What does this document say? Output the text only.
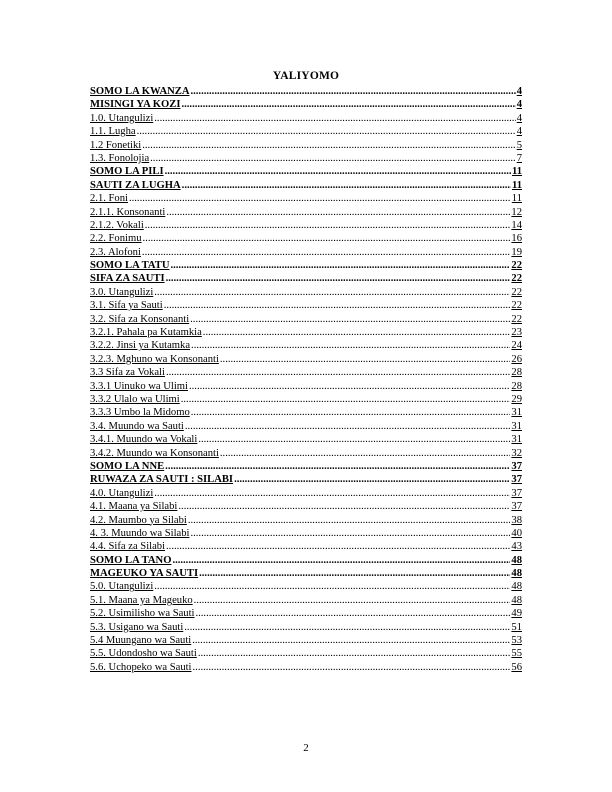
YALIYOMO
SOMO LA KWANZA .....	4
MISINGI YA KOZI .....	4
1.0. Utangulizi .....	4
1.1. Lugha .....	4
1.2 Fonetiki .....	5
1.3. Fonolojia .....	7
SOMO LA PILI .....	11
SAUTI ZA LUGHA .....	11
2.1. Foni .....	11
2.1.1. Konsonanti .....	12
2.1.2. Vokali .....	14
2.2. Fonimu .....	16
2.3. Alofoni .....	19
SOMO LA TATU .....	22
SIFA ZA SAUTI .....	22
3.0. Utangulizi .....	22
3.1. Sifa ya Sauti .....	22
3.2. Sifa za Konsonanti .....	22
3.2.1. Pahala pa Kutamkia .....	23
3.2.2. Jinsi ya Kutamka .....	24
3.2.3. Mghuno wa Konsonanti .....	26
3.3 Sifa za Vokali .....	28
3.3.1 Uinuko wa Ulimi .....	28
3.3.2 Ulalo wa Ulimi .....	29
3.3.3 Umbo la Midomo .....	31
3.4. Muundo wa Sauti .....	31
3.4.1. Muundo wa Vokali .....	31
3.4.2. Muundo wa Konsonanti .....	32
SOMO LA NNE .....	37
RUWAZA ZA SAUTI : SILABI .....	37
4.0. Utangulizi .....	37
4.1. Maana ya Silabi .....	37
4.2. Maumbo ya Silabi .....	38
4. 3. Muundo wa Silabi .....	40
4.4. Sifa za Silabi .....	43
SOMO LA TANO .....	48
MAGEUKO YA SAUTI .....	48
5.0. Utangulizi .....	48
5.1. Maana ya Mageuko .....	48
5.2. Usimilisho wa Sauti .....	49
5.3. Usigano wa Sauti .....	51
5.4 Muungano wa Sauti .....	53
5.5. Udondosho wa Sauti .....	55
5.6. Uchopeko wa Sauti .....	56
2
